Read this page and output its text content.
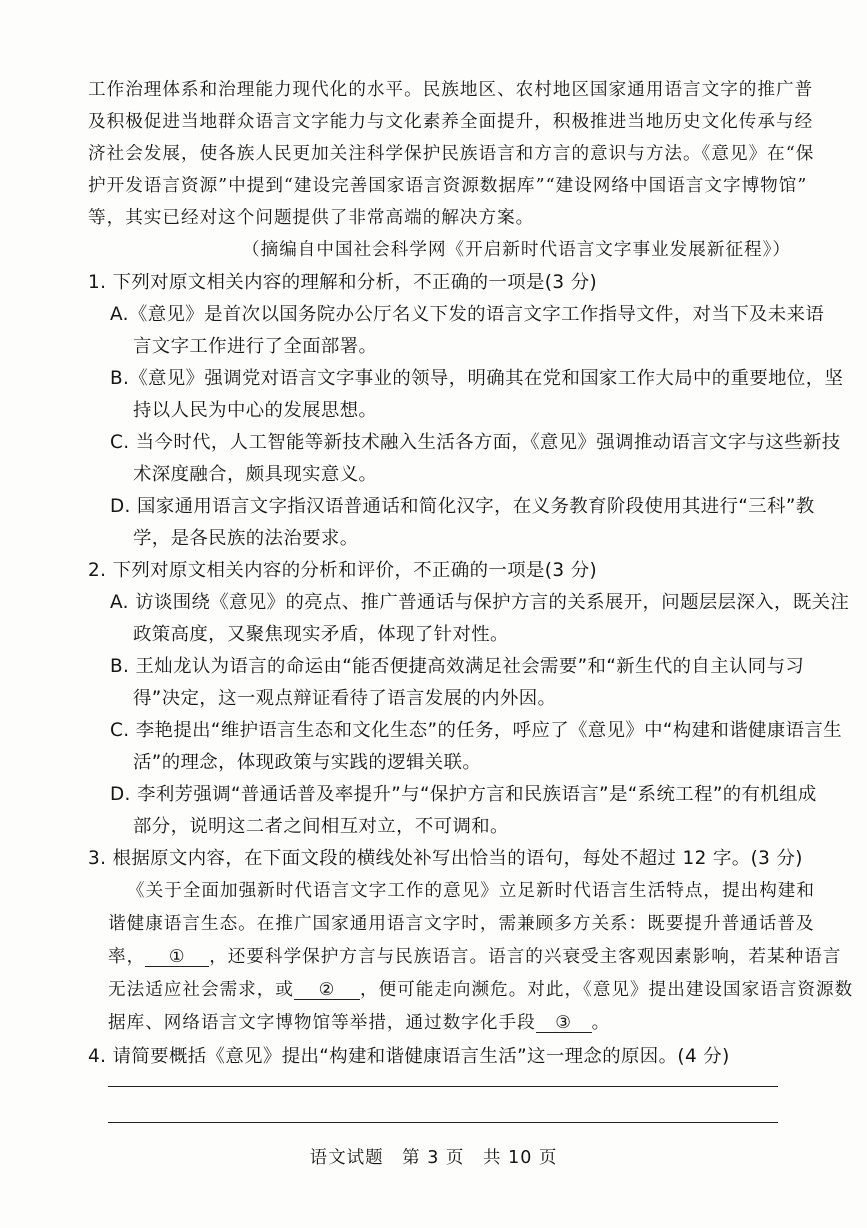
工作治理体系和治理能力现代化的水平。民族地区、农村地区国家通用语言文字的推广普
及积极促进当地群众语言文字能力与文化素养全面提升，积极推进当地历史文化传承与经
济社会发展，使各族人民更加关注科学保护民族语言和方言的意识与方法。《意见》在“保
护开发语言资源”中提到“建设完善国家语言资源数据库”“建设网络中国语言文字博物馆”
等，其实已经对这个问题提供了非常高端的解决方案。
（摘编自中国社会科学网《开启新时代语言文字事业发展新征程》）
1. 下列对原文相关内容的理解和分析，不正确的一项是(3 分)
A.《意见》是首次以国务院办公厅名义下发的语言文字工作指导文件，对当下及未来语
言文字工作进行了全面部署。
B.《意见》强调党对语言文字事业的领导，明确其在党和国家工作大局中的重要地位，坚
持以人民为中心的发展思想。
C. 当今时代，人工智能等新技术融入生活各方面，《意见》强调推动语言文字与这些新技
术深度融合，颇具现实意义。
D. 国家通用语言文字指汉语普通话和简化汉字，在义务教育阶段使用其进行“三科”教
学，是各民族的法治要求。
2. 下列对原文相关内容的分析和评价，不正确的一项是(3 分)
A. 访谈围绕《意见》的亮点、推广普通话与保护方言的关系展开，问题层层深入，既关注
政策高度，又聚焦现实矛盾，体现了针对性。
B. 王灿龙认为语言的命运由“能否便捷高效满足社会需要”和“新生代的自主认同与习
得”决定，这一观点辩证看待了语言发展的内外因。
C. 李艳提出“维护语言生态和文化生态”的任务，呼应了《意见》中“构建和谐健康语言生
活”的理念，体现政策与实践的逻辑关联。
D. 李利芳强调“普通话普及率提升”与“保护方言和民族语言”是“系统工程”的有机组成
部分，说明这二者之间相互对立，不可调和。
3. 根据原文内容，在下面文段的横线处补写出恰当的语句，每处不超过 12 字。(3 分)
《关于全面加强新时代语言文字工作的意见》立足新时代语言生活特点，提出构建和
谐健康语言生态。在推广国家通用语言文字时，需兼顾多方关系：既要提升普通话普及
率， ① ，还要科学保护方言与民族语言。语言的兴衰受主客观因素影响，若某种语言
无法适应社会需求，或 ② ，便可能走向濒危。对此，《意见》提出建设国家语言资源数
据库、网络语言文字博物馆等举措，通过数字化手段 ③ 。
4. 请简要概括《意见》提出“构建和谐健康语言生活”这一理念的原因。(4 分)
语文试题 第 3 页 共 10 页
